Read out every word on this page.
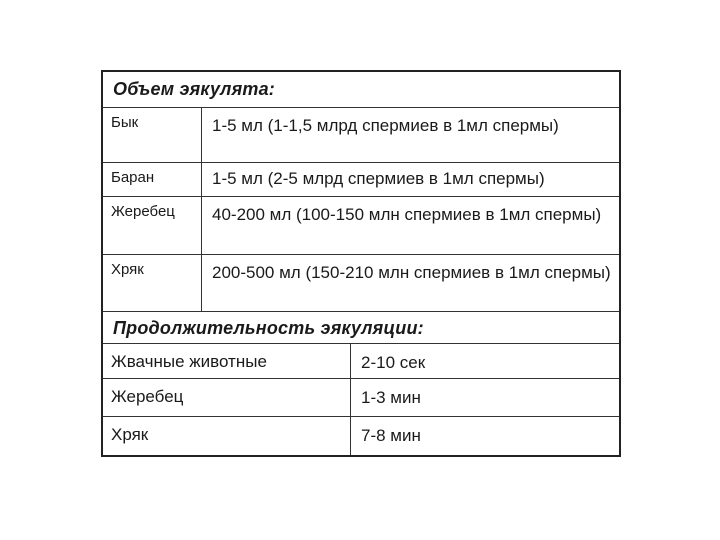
Объем эякулята:
Бык	1-5 мл (1-1,5 млрд спермиев в 1мл спермы)
Баран	1-5 мл (2-5 млрд спермиев в 1мл спермы)
Жеребец	40-200 мл (100-150 млн спермиев в 1мл спермы)
Хряк	200-500 мл (150-210 млн спермиев в 1мл спермы)
Продолжительность эякуляции:
Жвачные животные	2-10 сек
Жеребец	1-3 мин
Хряк	7-8 мин
